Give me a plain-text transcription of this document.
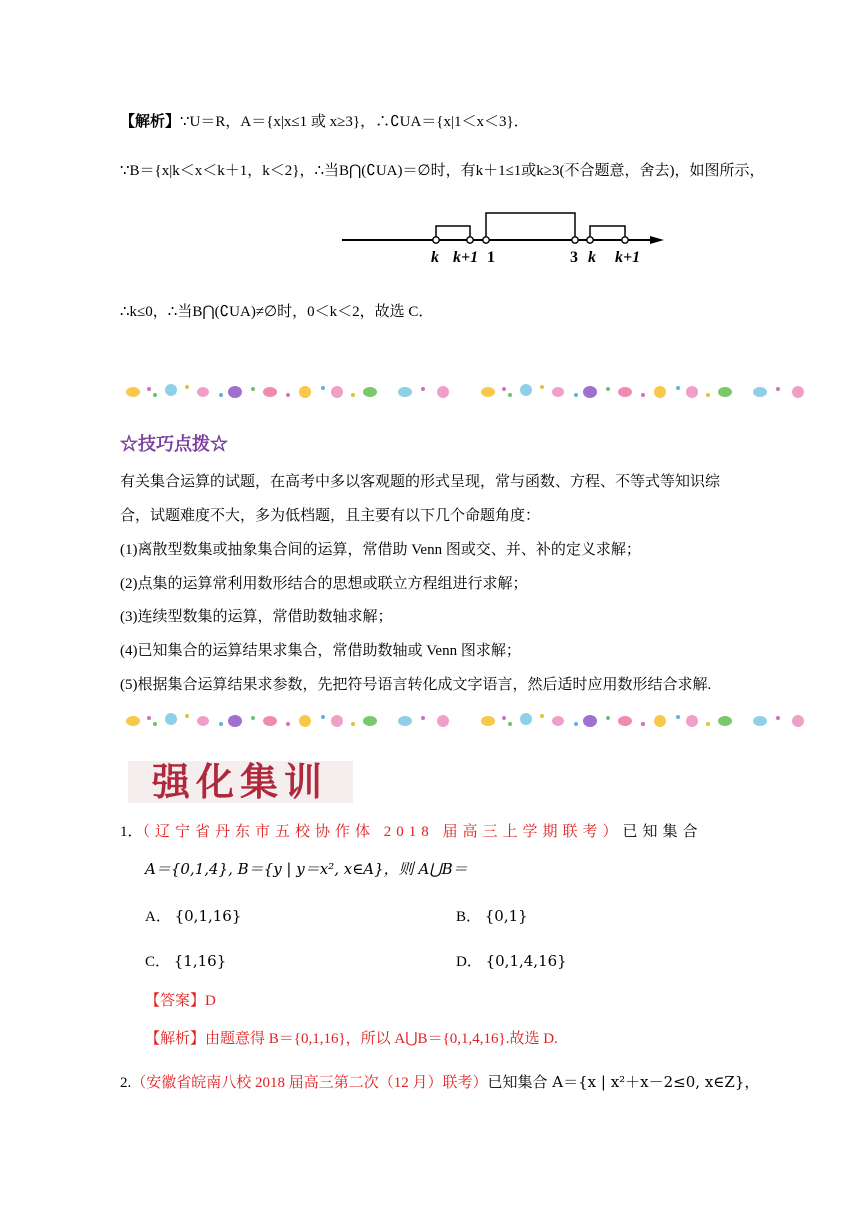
【解析】∵U＝R，A＝{x|x≤1 或 x≥3}，∴∁UA＝{x|1＜x＜3}．
∵B＝{x|k＜x＜k＋1，k＜2}，∴当B⋂(∁UA)＝∅时，有k＋1≤1或k≥3(不合题意，舍去)，如图所示，
k k+1 1	3 k k+1
∴k≤0，∴当B⋂(∁UA)≠∅时，0＜k＜2，故选 C．
☆技巧点拨☆
有关集合运算的试题，在高考中多以客观题的形式呈现，常与函数、方程、不等式等知识综
合，试题难度不大，多为低档题，且主要有以下几个命题角度：
(1)离散型数集或抽象集合间的运算，常借助 Venn 图或交、并、补的定义求解；
(2)点集的运算常利用数形结合的思想或联立方程组进行求解；
(3)连续型数集的运算，常借助数轴求解；
(4)已知集合的运算结果求集合，常借助数轴或 Venn 图求解；
(5)根据集合运算结果求参数，先把符号语言转化成文字语言，然后适时应用数形结合求解.
强化集训
1．（辽宁省丹东市五校协作体 2018 届高三上学期联考）已知集合
A＝{0,1,4}, B＝{y | y＝x², x∈A}，则 A⋃B＝
A． {0,1,16}	B． {0,1}
C． {1,16}	D． {0,1,4,16}
【答案】D
【解析】由题意得 B＝{0,1,16}，所以 A⋃B＝{0,1,4,16}.故选 D.
2.（安徽省皖南八校 2018 届高三第二次（12 月）联考）已知集合 A＝{x | x²＋x－2≤0, x∈Z}，
